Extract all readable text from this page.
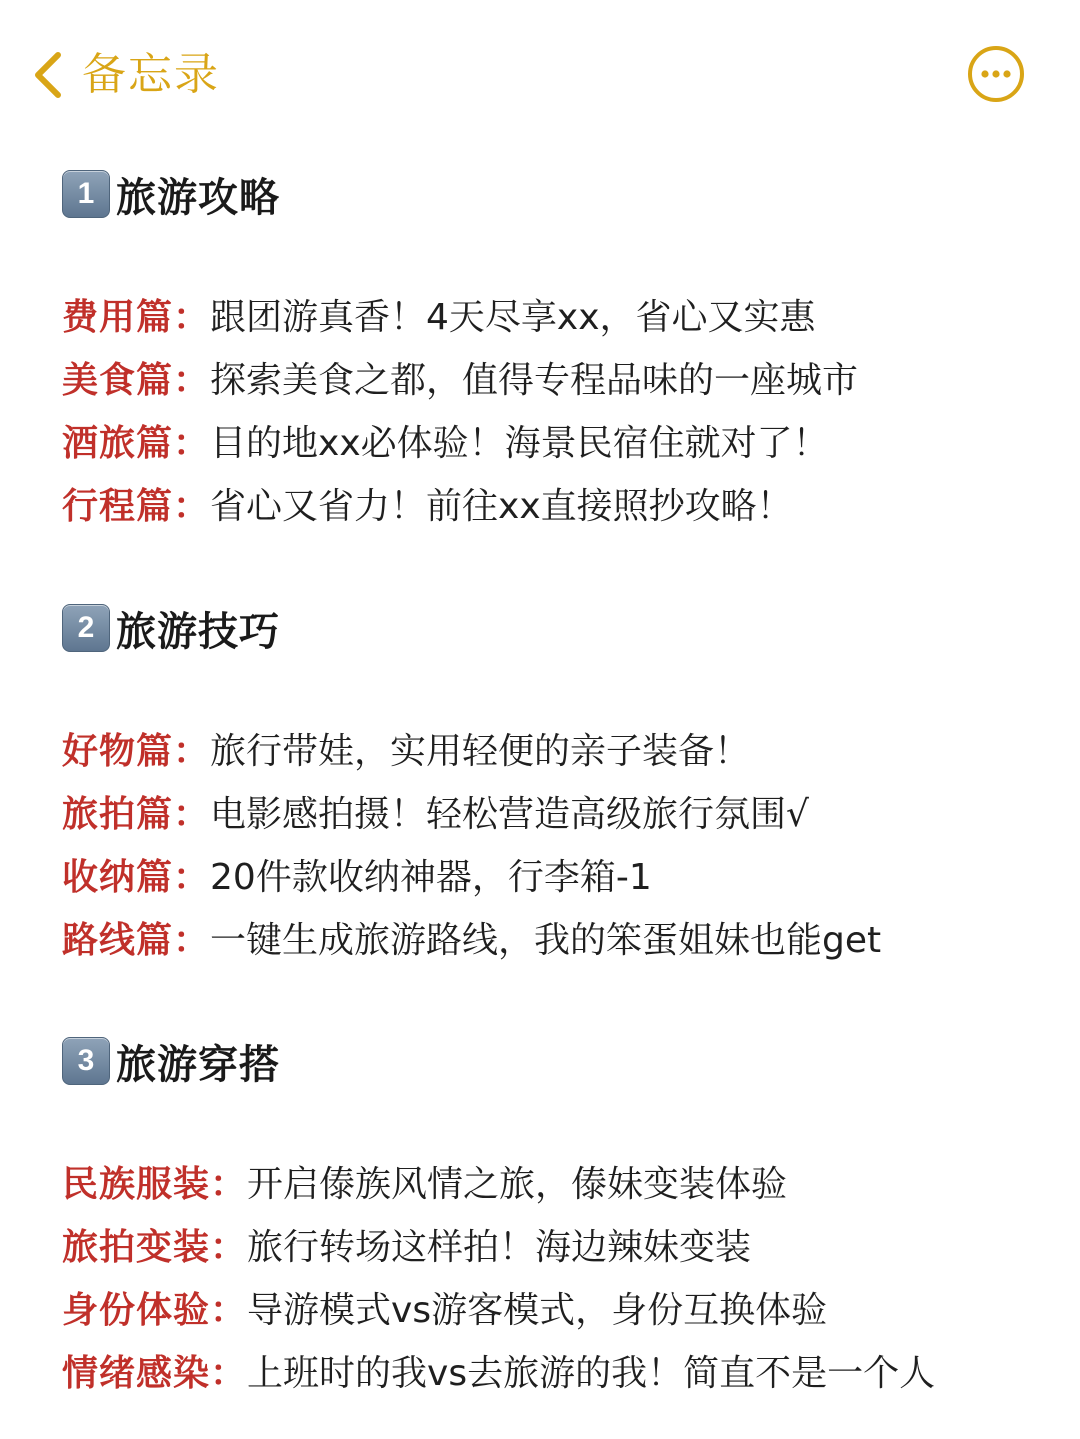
备忘录
1 旅游攻略
费用篇：跟团游真香！4天尽享xx，省心又实惠
美食篇：探索美食之都，值得专程品味的一座城市
酒旅篇：目的地xx必体验！海景民宿住就对了！
行程篇：省心又省力！前往xx直接照抄攻略！
2 旅游技巧
好物篇：旅行带娃，实用轻便的亲子装备！
旅拍篇：电影感拍摄！轻松营造高级旅行氛围√
收纳篇：20件款收纳神器，行李箱-1
路线篇：一键生成旅游路线，我的笨蛋姐妹也能get
3 旅游穿搭
民族服装：开启傣族风情之旅，傣妹变装体验
旅拍变装：旅行转场这样拍！海边辣妹变装
身份体验：导游模式vs游客模式，身份互换体验
情绪感染：上班时的我vs去旅游的我！简直不是一个人
